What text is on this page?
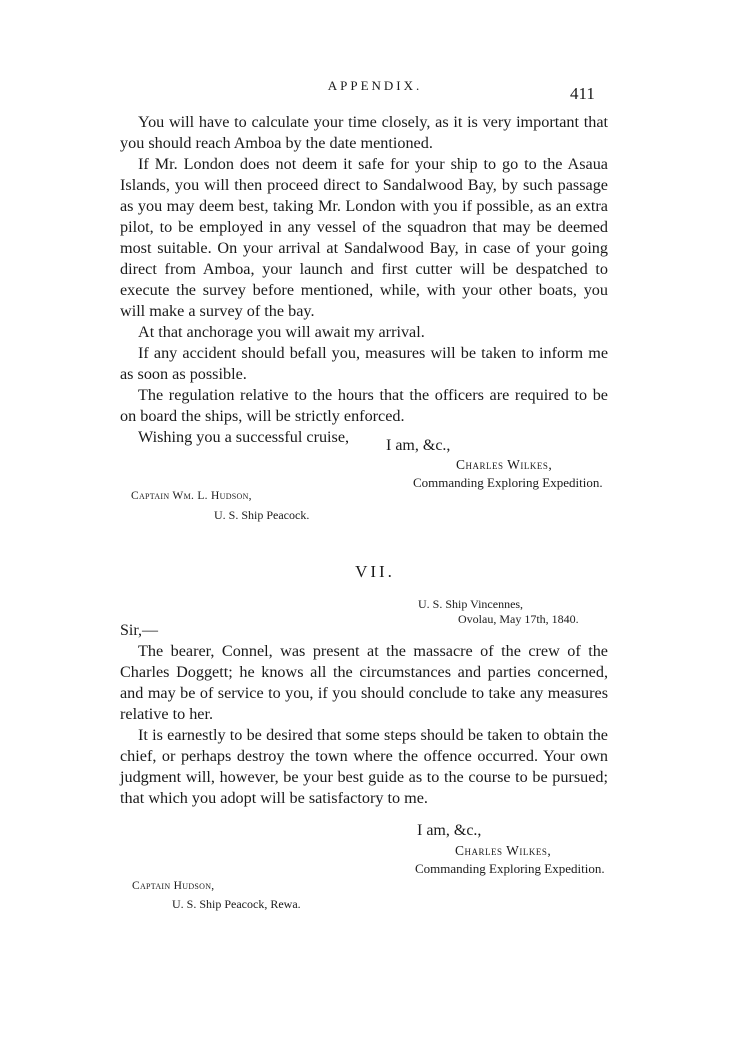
APPENDIX.	411

You will have to calculate your time closely, as it is very important that you should reach Amboa by the date mentioned.

If Mr. London does not deem it safe for your ship to go to the Asaua Islands, you will then proceed direct to Sandalwood Bay, by such passage as you may deem best, taking Mr. London with you if possible, as an extra pilot, to be employed in any vessel of the squadron that may be deemed most suitable. On your arrival at Sandalwood Bay, in case of your going direct from Amboa, your launch and first cutter will be despatched to execute the survey before mentioned, while, with your other boats, you will make a survey of the bay.

At that anchorage you will await my arrival.

If any accident should befall you, measures will be taken to inform me as soon as possible.

The regulation relative to the hours that the officers are required to be on board the ships, will be strictly enforced.

Wishing you a successful cruise,	I am, &c.,
Charles Wilkes,
Commanding Exploring Expedition.
Captain Wm. L. Hudson,
U. S. Ship Peacock.
VII.
U. S. Ship Vincennes,
Ovolau, May 17th, 1840.
Sir,—

The bearer, Connel, was present at the massacre of the crew of the Charles Doggett; he knows all the circumstances and parties concerned, and may be of service to you, if you should conclude to take any measures relative to her.

It is earnestly to be desired that some steps should be taken to obtain the chief, or perhaps destroy the town where the offence occurred. Your own judgment will, however, be your best guide as to the course to be pursued; that which you adopt will be satisfactory to me.

I am, &c.,
Charles Wilkes,
Commanding Exploring Expedition.
Captain Hudson,
U. S. Ship Peacock, Rewa.
